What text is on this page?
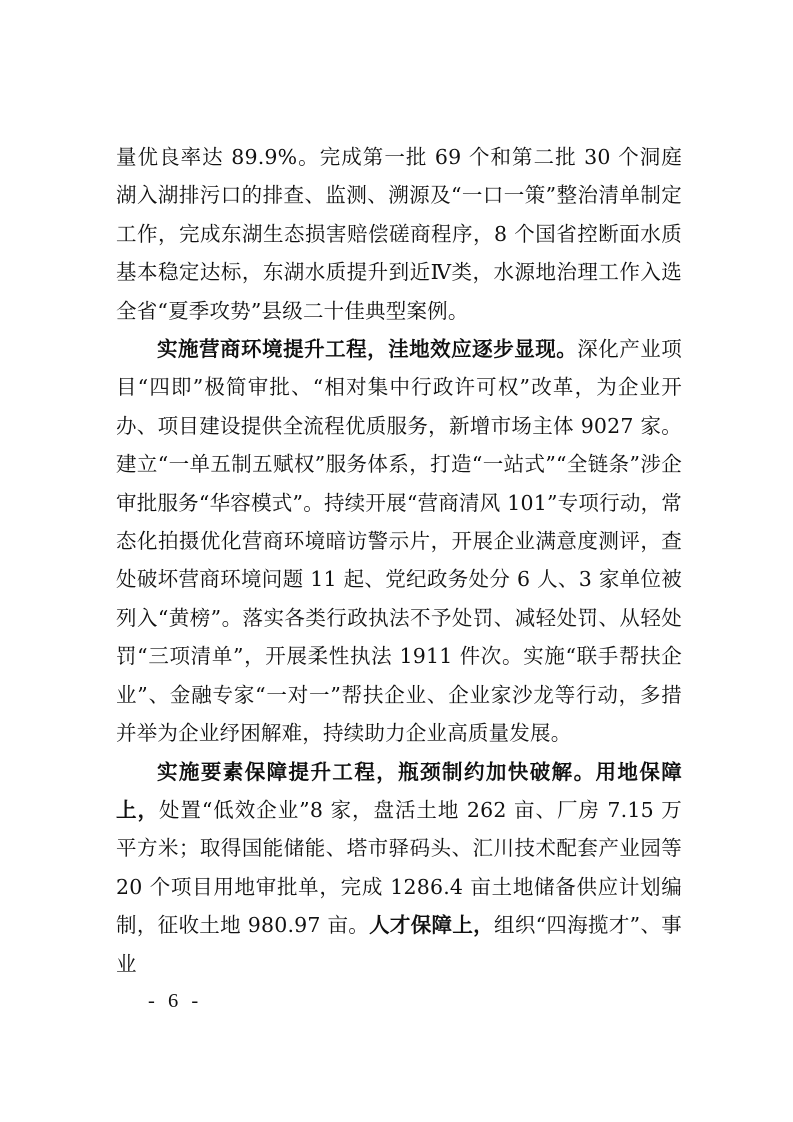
量优良率达 89.9%。完成第一批 69 个和第二批 30 个洞庭湖入湖排污口的排查、监测、溯源及“一口一策”整治清单制定工作，完成东湖生态损害赔偿磋商程序，8 个国省控断面水质基本稳定达标，东湖水质提升到近Ⅳ类，水源地治理工作入选全省“夏季攻势”县级二十佳典型案例。

实施营商环境提升工程，洼地效应逐步显现。深化产业项目“四即”极简审批、“相对集中行政许可权”改革，为企业开办、项目建设提供全流程优质服务，新增市场主体 9027 家。建立“一单五制五赋权”服务体系，打造“一站式”“全链条”涉企审批服务“华容模式”。持续开展“营商清风 101”专项行动，常态化拍摄优化营商环境暗访警示片，开展企业满意度测评，查处破坏营商环境问题 11 起、党纪政务处分 6 人、3 家单位被列入“黄榜”。落实各类行政执法不予处罚、减轻处罚、从轻处罚“三项清单”，开展柔性执法 1911 件次。实施“联手帮扶企业”、金融专家“一对一”帮扶企业、企业家沙龙等行动，多措并举为企业纾困解难，持续助力企业高质量发展。

实施要素保障提升工程，瓶颈制约加快破解。用地保障上，处置“低效企业”8 家，盘活土地 262 亩、厂房 7.15 万平方米；取得国能储能、塔市驿码头、汇川技术配套产业园等 20 个项目用地审批单，完成 1286.4 亩土地储备供应计划编制，征收土地 980.97 亩。人才保障上，组织“四海揽才”、事业

- 6 -
